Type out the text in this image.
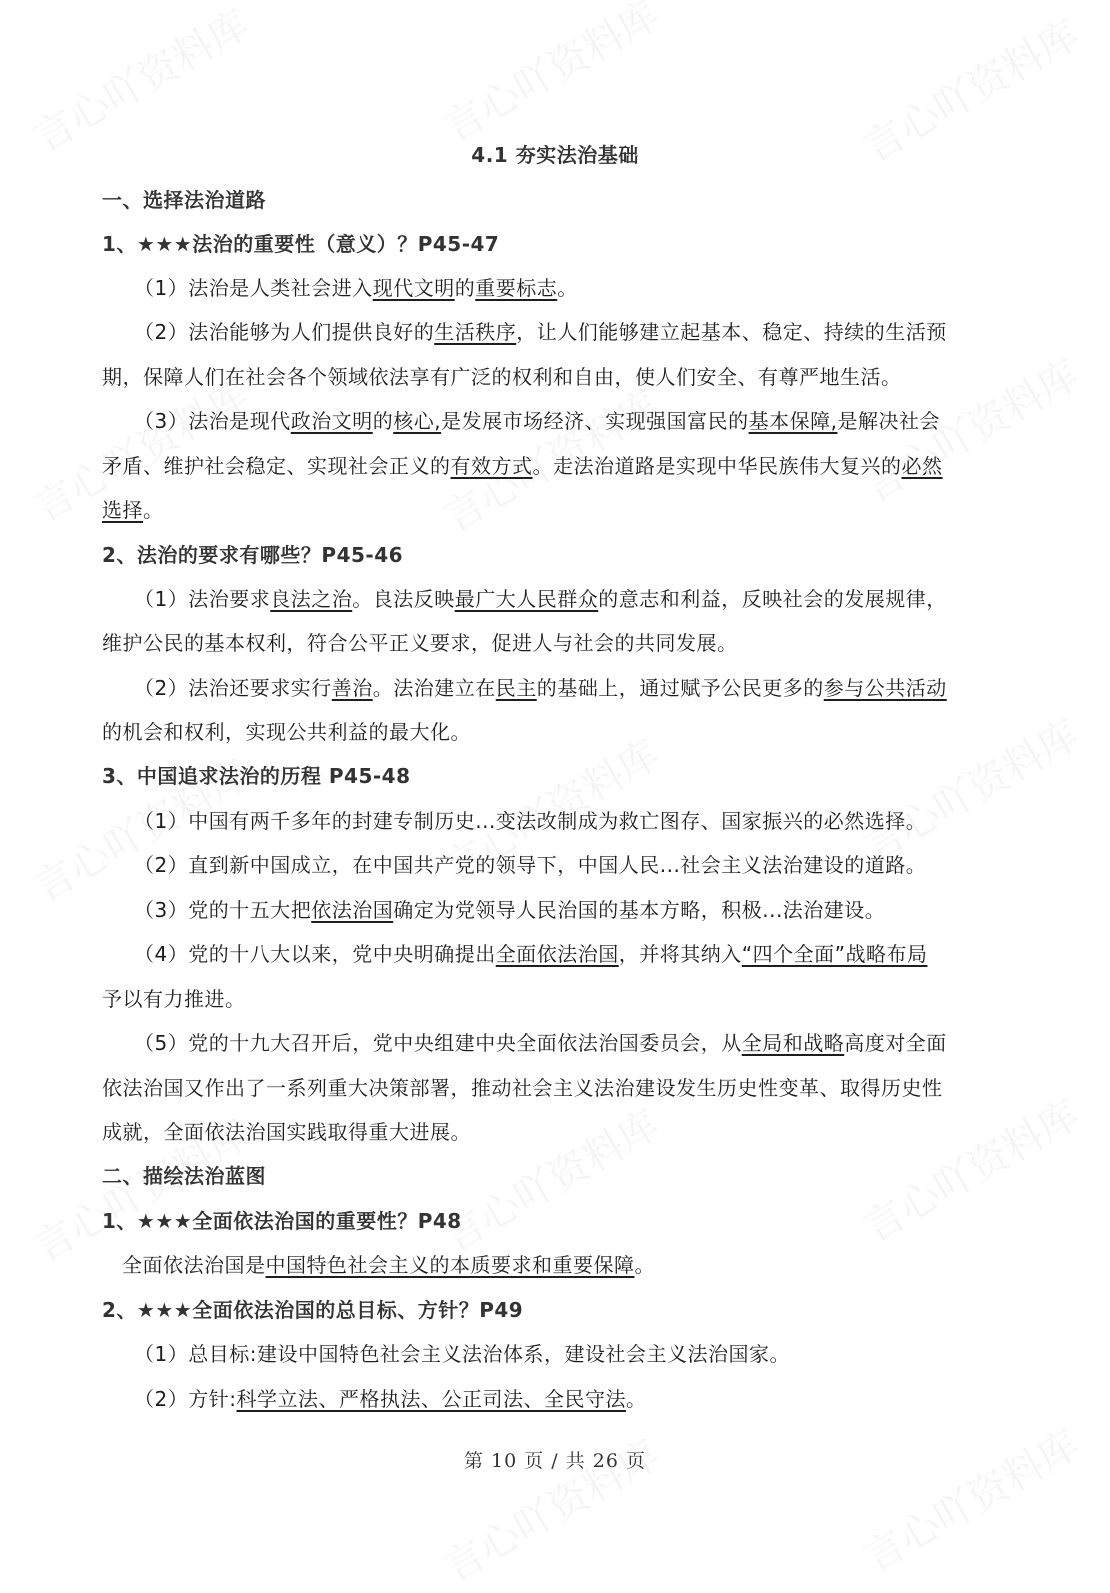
4.1 夯实法治基础
一、选择法治道路
1、★★★法治的重要性（意义）？P45-47
（1）法治是人类社会进入现代文明的重要标志。
（2）法治能够为人们提供良好的生活秩序，让人们能够建立起基本、稳定、持续的生活预
期，保障人们在社会各个领域依法享有广泛的权利和自由，使人们安全、有尊严地生活。
（3）法治是现代政治文明的核心,是发展市场经济、实现强国富民的基本保障,是解决社会
矛盾、维护社会稳定、实现社会正义的有效方式。走法治道路是实现中华民族伟大复兴的必然
选择。
2、法治的要求有哪些？P45-46
（1）法治要求良法之治。良法反映最广大人民群众的意志和利益，反映社会的发展规律，
维护公民的基本权利，符合公平正义要求，促进人与社会的共同发展。
（2）法治还要求实行善治。法治建立在民主的基础上，通过赋予公民更多的参与公共活动
的机会和权利，实现公共利益的最大化。
3、中国追求法治的历程 P45-48
（1）中国有两千多年的封建专制历史...变法改制成为救亡图存、国家振兴的必然选择。
（2）直到新中国成立，在中国共产党的领导下，中国人民...社会主义法治建设的道路。
（3）党的十五大把依法治国确定为党领导人民治国的基本方略，积极...法治建设。
（4）党的十八大以来，党中央明确提出全面依法治国，并将其纳入“四个全面”战略布局
予以有力推进。
（5）党的十九大召开后，党中央组建中央全面依法治国委员会，从全局和战略高度对全面
依法治国又作出了一系列重大决策部署，推动社会主义法治建设发生历史性变革、取得历史性
成就，全面依法治国实践取得重大进展。
二、描绘法治蓝图
1、★★★全面依法治国的重要性？P48
全面依法治国是中国特色社会主义的本质要求和重要保障。
2、★★★全面依法治国的总目标、方针？P49
（1）总目标:建设中国特色社会主义法治体系，建设社会主义法治国家。
（2）方针:科学立法、严格执法、公正司法、全民守法。
第 10 页 / 共 26 页
